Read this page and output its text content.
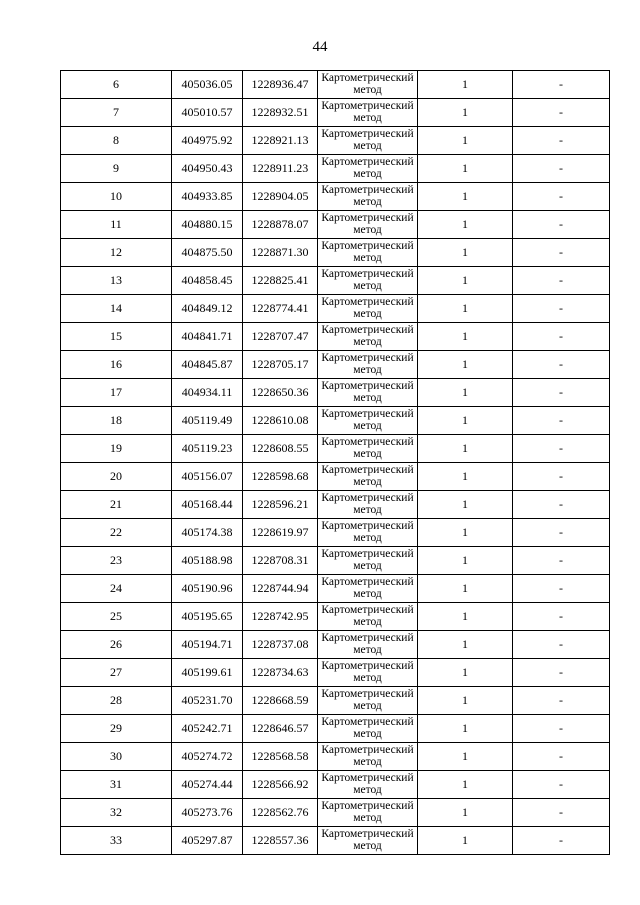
44
6	405036.05	1228936.47	Картометрический метод	1	-
7	405010.57	1228932.51	Картометрический метод	1	-
8	404975.92	1228921.13	Картометрический метод	1	-
9	404950.43	1228911.23	Картометрический метод	1	-
10	404933.85	1228904.05	Картометрический метод	1	-
11	404880.15	1228878.07	Картометрический метод	1	-
12	404875.50	1228871.30	Картометрический метод	1	-
13	404858.45	1228825.41	Картометрический метод	1	-
14	404849.12	1228774.41	Картометрический метод	1	-
15	404841.71	1228707.47	Картометрический метод	1	-
16	404845.87	1228705.17	Картометрический метод	1	-
17	404934.11	1228650.36	Картометрический метод	1	-
18	405119.49	1228610.08	Картометрический метод	1	-
19	405119.23	1228608.55	Картометрический метод	1	-
20	405156.07	1228598.68	Картометрический метод	1	-
21	405168.44	1228596.21	Картометрический метод	1	-
22	405174.38	1228619.97	Картометрический метод	1	-
23	405188.98	1228708.31	Картометрический метод	1	-
24	405190.96	1228744.94	Картометрический метод	1	-
25	405195.65	1228742.95	Картометрический метод	1	-
26	405194.71	1228737.08	Картометрический метод	1	-
27	405199.61	1228734.63	Картометрический метод	1	-
28	405231.70	1228668.59	Картометрический метод	1	-
29	405242.71	1228646.57	Картометрический метод	1	-
30	405274.72	1228568.58	Картометрический метод	1	-
31	405274.44	1228566.92	Картометрический метод	1	-
32	405273.76	1228562.76	Картометрический метод	1	-
33	405297.87	1228557.36	Картометрический метод	1	-
